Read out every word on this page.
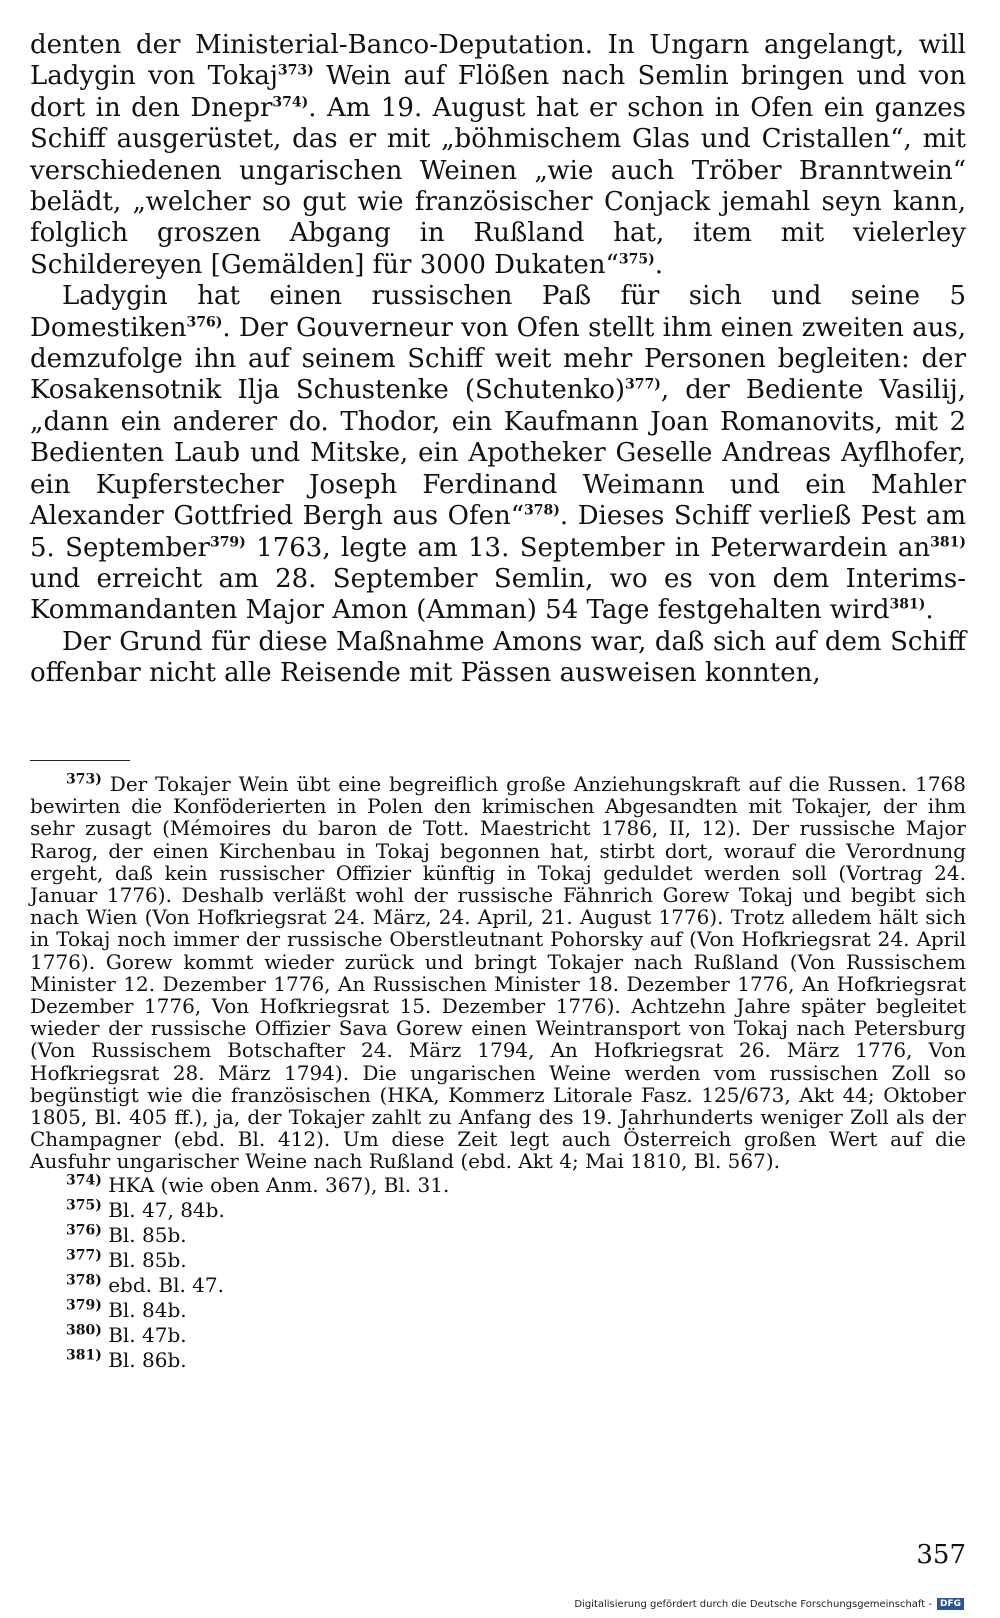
denten der Ministerial-Banco-Deputation. In Ungarn angelangt, will Ladygin von Tokaj$^{373)}$ Wein auf Flößen nach Semlin bringen und von dort in den Dnepr$^{374)}$. Am 19. August hat er schon in Ofen ein ganzes Schiff ausgerüstet, das er mit „böhmischem Glas und Cristallen“, mit verschiedenen ungarischen Weinen „wie auch Tröber Branntwein“ belädt, „welcher so gut wie französischer Conjack jemahl seyn kann, folglich groszen Abgang in Rußland hat, item mit vielerley Schildereyen [Gemälden] für 3000 Dukaten“$^{375)}$.

Ladygin hat einen russischen Paß für sich und seine 5 Domestiken$^{376)}$. Der Gouverneur von Ofen stellt ihm einen zweiten aus, demzufolge ihn auf seinem Schiff weit mehr Personen begleiten: der Kosakensotnik Ilja Schustenke (Schutenko)$^{377)}$, der Bediente Vasilij, „dann ein anderer do. Thodor, ein Kaufmann Joan Romanovits, mit 2 Bedienten Laub und Mitske, ein Apotheker Geselle Andreas Ayflhofer, ein Kupferstecher Joseph Ferdinand Weimann und ein Mahler Alexander Gottfried Bergh aus Ofen“$^{378)}$. Dieses Schiff verließ Pest am 5. September$^{379)}$ 1763, legte am 13. September in Peterwardein $an^{381)}$ und erreicht am 28. September Semlin, wo es von dem Interims-Kommandanten Major Amon (Amman) 54 Tage festgehalten wird$^{381)}$.

Der Grund für diese Maßnahme Amons war, daß sich auf dem Schiff offenbar nicht alle Reisende mit Pässen ausweisen konnten,

$^{373)}$ Der Tokajer Wein übt eine begreiflich große Anziehungskraft auf die Russen. 1768 bewirten die Konföderierten in Polen den krimischen Abgesandten mit Tokajer, der ihm sehr zusagt (Mémoires du baron de Tott. Maestricht 1786, II, 12). Der russische Major Rarog, der einen Kirchenbau in Tokaj begonnen hat, stirbt dort, worauf die Verordnung ergeht, daß kein russischer Offizier künftig in Tokaj geduldet werden soll (Vortrag 24. Januar 1776). Deshalb verläßt wohl der russische Fähnrich Gorew Tokaj und begibt sich nach Wien (Von Hofkriegsrat 24. März, 24. April, 21. August 1776). Trotz alledem hält sich in Tokaj noch immer der russische Oberstleutnant Pohorsky auf (Von Hofkriegsrat 24. April 1776). Gorew kommt wieder zurück und bringt Tokajer nach Rußland (Von Russischem Minister 12. Dezember 1776, An Russischen Minister 18. Dezember 1776, An Hofkriegsrat Dezember 1776, Von Hofkriegsrat 15. Dezember 1776). Achtzehn Jahre später begleitet wieder der russische Offizier Sava Gorew einen Weintransport von Tokaj nach Petersburg (Von Russischem Botschafter 24. März 1794, An Hofkriegsrat 26. März 1776, Von Hofkriegsrat 28. März 1794). Die ungarischen Weine werden vom russischen Zoll so begünstigt wie die französischen (HKA, Kommerz Litorale Fasz. 125/673, Akt 44; Oktober 1805, Bl. 405 ff.), ja, der Tokajer zahlt zu Anfang des 19. Jahrhunderts weniger Zoll als der Champagner (ebd. Bl. 412). Um diese Zeit legt auch Österreich großen Wert auf die Ausfuhr ungarischer Weine nach Rußland (ebd. Akt 4; Mai 1810, Bl. 567).

$^{374)}$ HKA (wie oben Anm. 367), Bl. 31.

$^{375)}$ Bl. 47, 84b.

$^{376)}$ Bl. 85b.

$^{377)}$ Bl. 85b.

$^{378)}$ ebd. Bl. 47.

$^{379)}$ Bl. 84b.

$^{380)}$ Bl. 47b.

$^{381)}$ Bl. 86b.

357
Digitalisierung gefördert durch die Deutsche Forschungsgemeinschaft - DFG
